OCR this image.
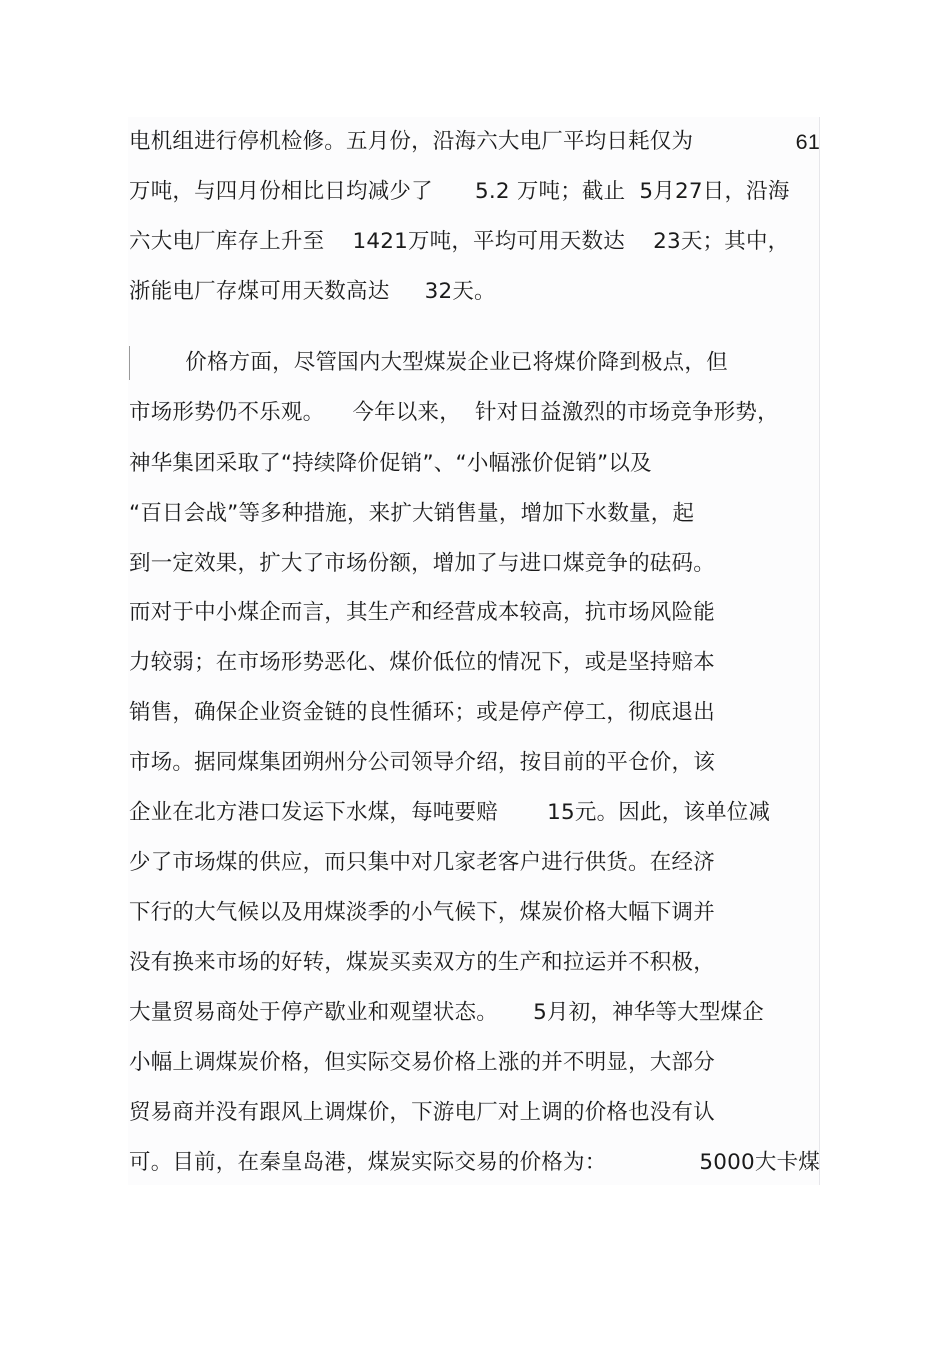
电机组进行停机检修。五月份，沿海六大电厂平均日耗仅为	61
万吨，与四月份相比日均减少了      5.2 万吨；截止  5月27日，沿海
六大电厂库存上升至    1421万吨，平均可用天数达    23天；其中，
浙能电厂存煤可用天数高达     32天。
价格方面，尽管国内大型煤炭企业已将煤价降到极点，但
市场形势仍不乐观。    今年以来，  针对日益激烈的市场竞争形势，
神华集团采取了“持续降价促销”、“小幅涨价促销”以及
“百日会战”等多种措施，来扩大销售量，增加下水数量，起
到一定效果，扩大了市场份额，增加了与进口煤竞争的砝码。
而对于中小煤企而言，其生产和经营成本较高，抗市场风险能
力较弱；在市场形势恶化、煤价低位的情况下，或是坚持赔本
销售，确保企业资金链的良性循环；或是停产停工，彻底退出
市场。据同煤集团朔州分公司领导介绍，按目前的平仓价，该
企业在北方港口发运下水煤，每吨要赔       15元。因此，该单位减
少了市场煤的供应，而只集中对几家老客户进行供货。在经济
下行的大气候以及用煤淡季的小气候下，煤炭价格大幅下调并
没有换来市场的好转，煤炭买卖双方的生产和拉运并不积极，
大量贸易商处于停产歇业和观望状态。     5月初，神华等大型煤企
小幅上调煤炭价格，但实际交易价格上涨的并不明显，大部分
贸易商并没有跟风上调煤价，下游电厂对上调的价格也没有认
可。目前，在秦皇岛港，煤炭实际交易的价格为：	5000大卡煤
